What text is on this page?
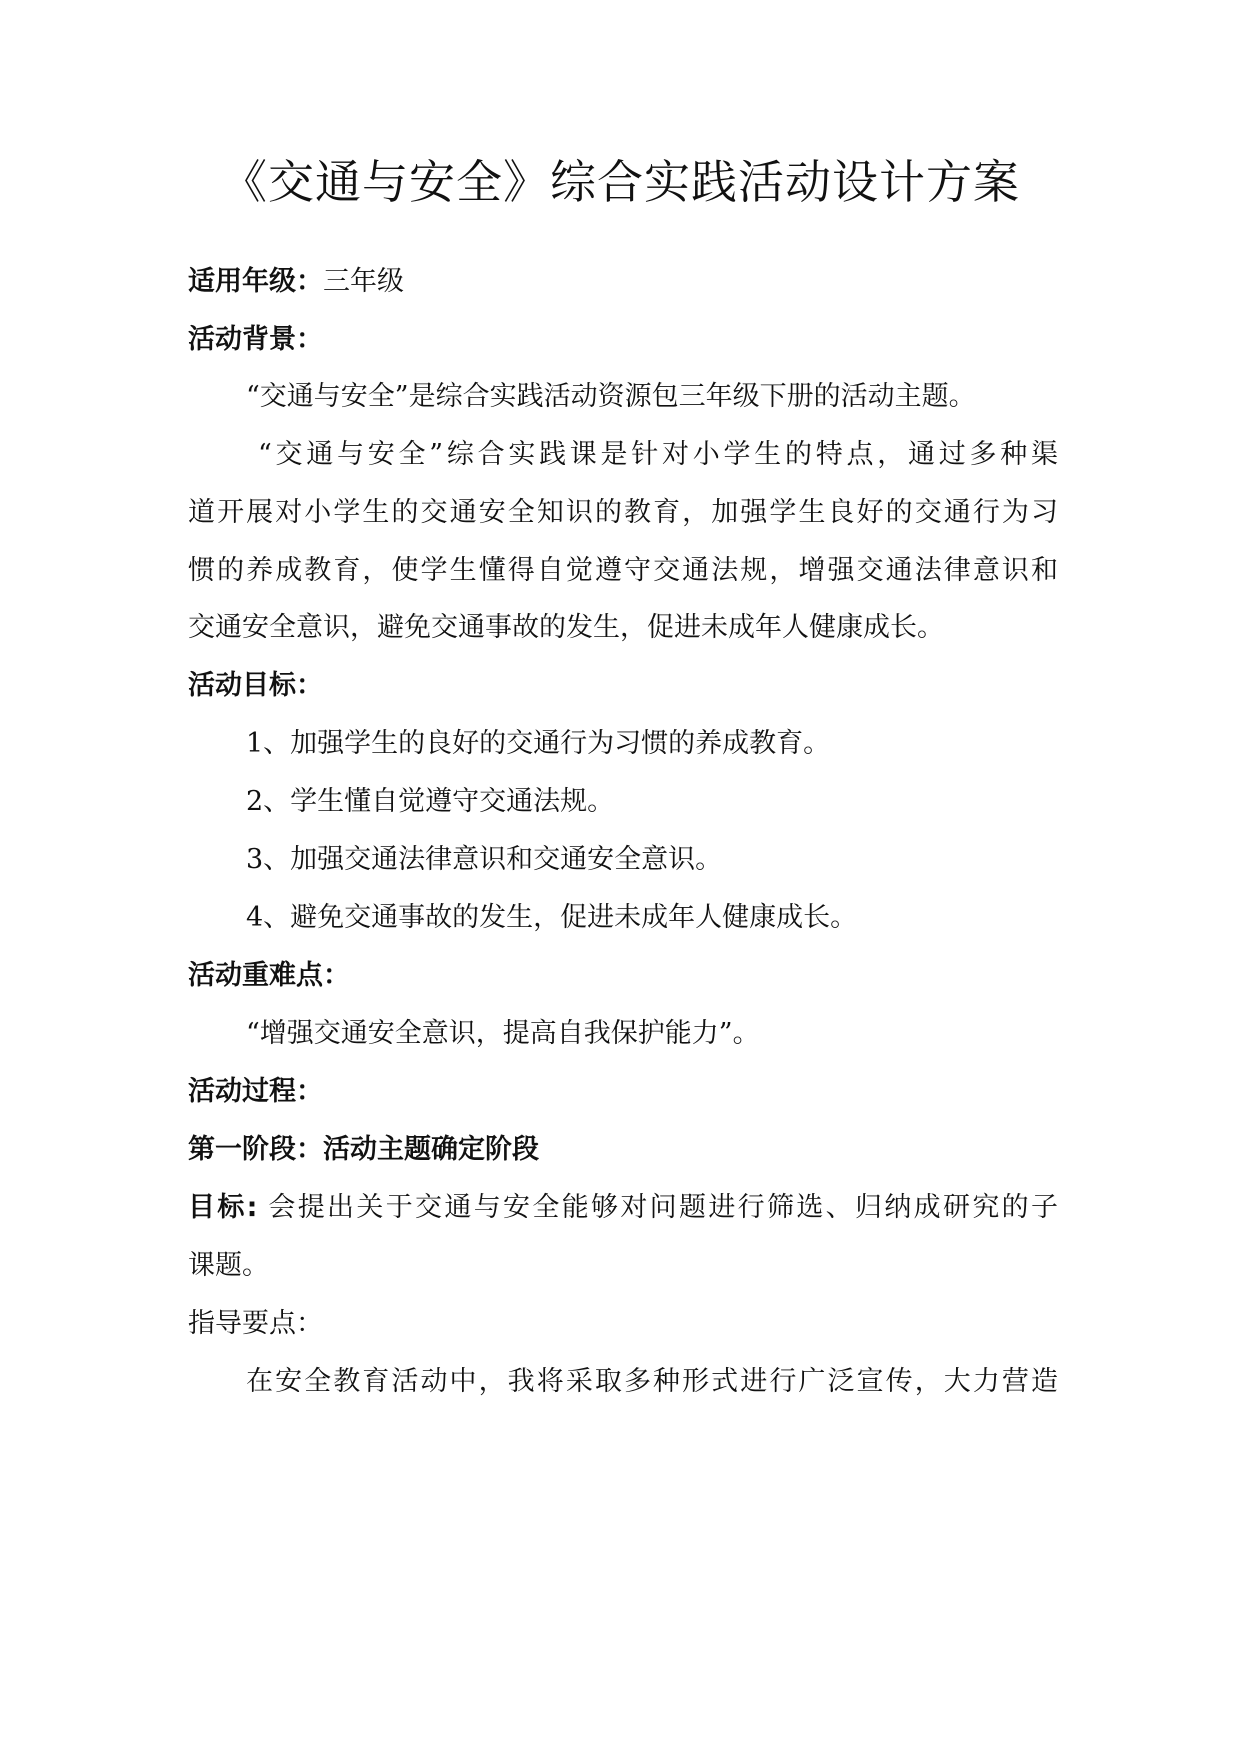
《交通与安全》综合实践活动设计方案

适用年级：三年级

活动背景：

“交通与安全”是综合实践活动资源包三年级下册的活动主题。

“交通与安全”综合实践课是针对小学生的特点，通过多种渠

道开展对小学生的交通安全知识的教育，加强学生良好的交通行为习

惯的养成教育，使学生懂得自觉遵守交通法规，增强交通法律意识和

交通安全意识，避免交通事故的发生，促进未成年人健康成长。

活动目标：

1、加强学生的良好的交通行为习惯的养成教育。

2、学生懂自觉遵守交通法规。

3、加强交通法律意识和交通安全意识。

4、避免交通事故的发生，促进未成年人健康成长。

活动重难点：

“增强交通安全意识，提高自我保护能力”。

活动过程：

第一阶段：活动主题确定阶段

目标: 会提出关于交通与安全能够对问题进行筛选、归纳成研究的子

课题。

指导要点：

在安全教育活动中，我将采取多种形式进行广泛宣传，大力营造
